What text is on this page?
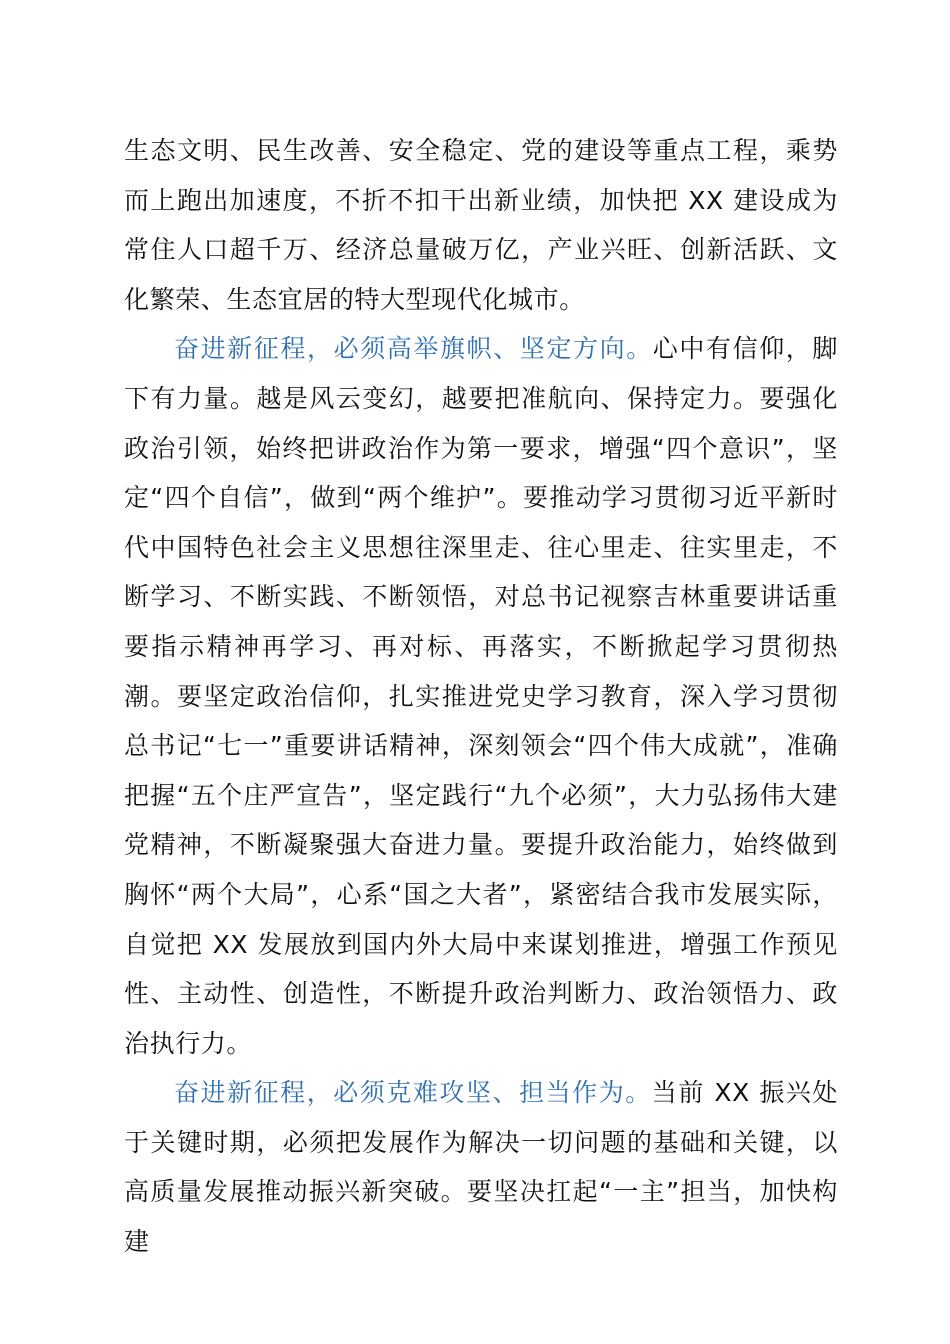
生态文明、民生改善、安全稳定、党的建设等重点工程，乘势而上跑出加速度，不折不扣干出新业绩，加快把 XX 建设成为常住人口超千万、经济总量破万亿，产业兴旺、创新活跃、文化繁荣、生态宜居的特大型现代化城市。

奋进新征程，必须高举旗帜、坚定方向。心中有信仰，脚下有力量。越是风云变幻，越要把准航向、保持定力。要强化政治引领，始终把讲政治作为第一要求，增强“四个意识”，坚定“四个自信”，做到“两个维护”。要推动学习贯彻习近平新时代中国特色社会主义思想往深里走、往心里走、往实里走，不断学习、不断实践、不断领悟，对总书记视察吉林重要讲话重要指示精神再学习、再对标、再落实，不断掀起学习贯彻热潮。要坚定政治信仰，扎实推进党史学习教育，深入学习贯彻总书记“七一”重要讲话精神，深刻领会“四个伟大成就”，准确把握“五个庄严宣告”，坚定践行“九个必须”，大力弘扬伟大建党精神，不断凝聚强大奋进力量。要提升政治能力，始终做到胸怀“两个大局”，心系“国之大者”，紧密结合我市发展实际，自觉把 XX 发展放到国内外大局中来谋划推进，增强工作预见性、主动性、创造性，不断提升政治判断力、政治领悟力、政治执行力。

奋进新征程，必须克难攻坚、担当作为。当前 XX 振兴处于关键时期，必须把发展作为解决一切问题的基础和关键，以高质量发展推动振兴新突破。要坚决扛起“一主”担当，加快构建
